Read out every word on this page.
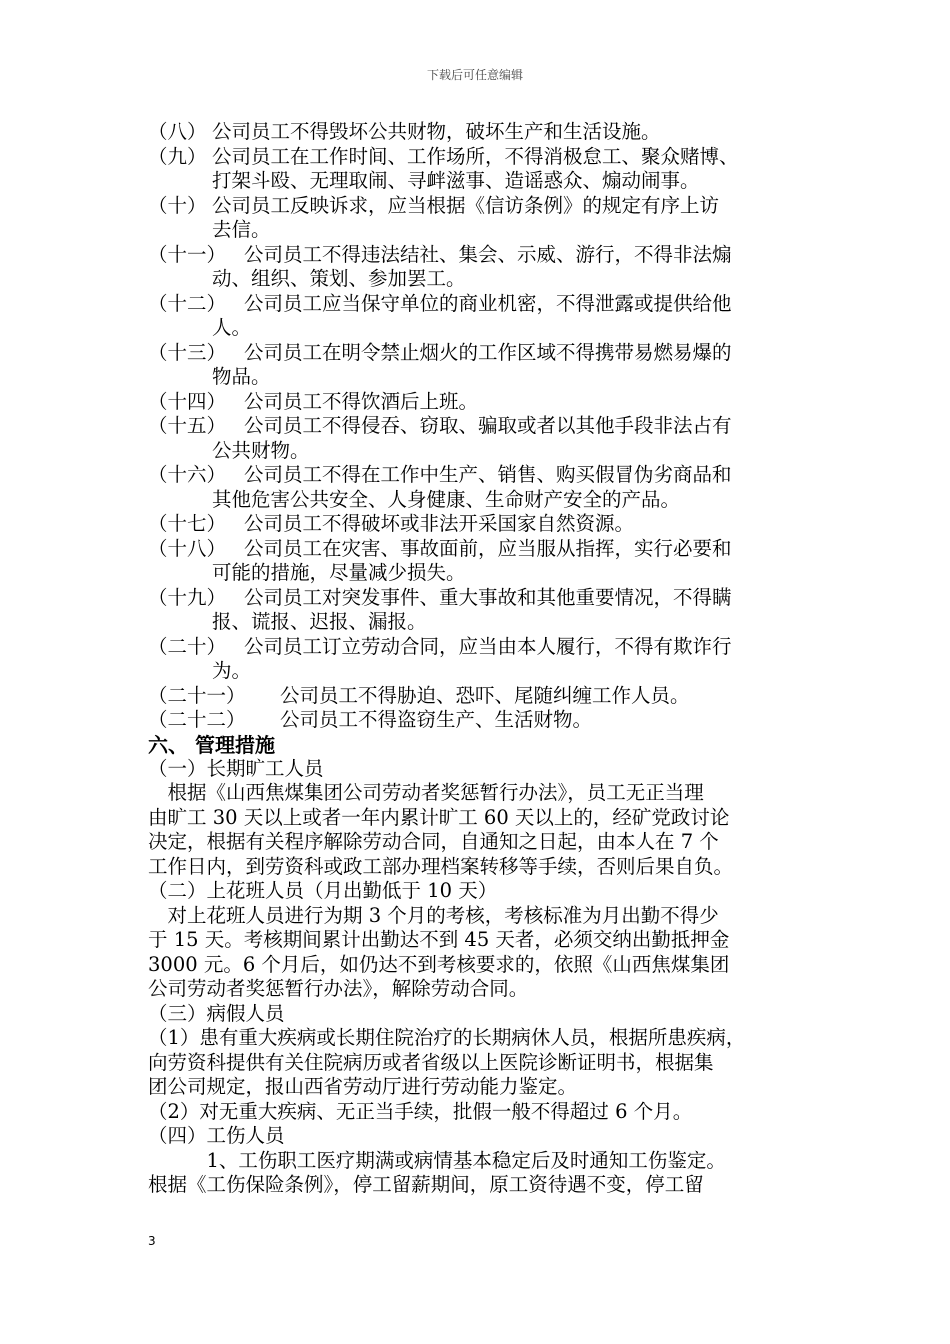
下载后可任意编辑
（八） 公司员工不得毁坏公共财物，破坏生产和生活设施。
（九） 公司员工在工作时间、工作场所，不得消极怠工、聚众赌博、
打架斗殴、无理取闹、寻衅滋事、造谣惑众、煽动闹事。
（十） 公司员工反映诉求，应当根据《信访条例》的规定有序上访
去信。
（十一） 公司员工不得违法结社、集会、示威、游行，不得非法煽
动、组织、策划、参加罢工。
（十二） 公司员工应当保守单位的商业机密，不得泄露或提供给他
人。
（十三） 公司员工在明令禁止烟火的工作区域不得携带易燃易爆的
物品。
（十四） 公司员工不得饮酒后上班。
（十五） 公司员工不得侵吞、窃取、骗取或者以其他手段非法占有
公共财物。
（十六） 公司员工不得在工作中生产、销售、购买假冒伪劣商品和
其他危害公共安全、人身健康、生命财产安全的产品。
（十七） 公司员工不得破坏或非法开采国家自然资源。
（十八） 公司员工在灾害、事故面前，应当服从指挥，实行必要和
可能的措施，尽量减少损失。
（十九） 公司员工对突发事件、重大事故和其他重要情况，不得瞒
报、谎报、迟报、漏报。
（二十） 公司员工订立劳动合同，应当由本人履行，不得有欺诈行
为。
（二十一）	公司员工不得胁迫、恐吓、尾随纠缠工作人员。
（二十二）	公司员工不得盗窃生产、生活财物。
六、 管理措施
（一）长期旷工人员
　根据《山西焦煤集团公司劳动者奖惩暂行办法》，员工无正当理
由旷工 30 天以上或者一年内累计旷工 60 天以上的，经矿党政讨论
决定，根据有关程序解除劳动合同，自通知之日起，由本人在 7 个
工作日内，到劳资科或政工部办理档案转移等手续，否则后果自负。
（二）上花班人员（月出勤低于 10 天）
　对上花班人员进行为期 3 个月的考核，考核标准为月出勤不得少
于 15 天。考核期间累计出勤达不到 45 天者，必须交纳出勤抵押金
3000 元。6 个月后，如仍达不到考核要求的，依照《山西焦煤集团
公司劳动者奖惩暂行办法》，解除劳动合同。
（三）病假人员
（1）患有重大疾病或长期住院治疗的长期病休人员，根据所患疾病，
向劳资科提供有关住院病历或者省级以上医院诊断证明书，根据集
团公司规定，报山西省劳动厅进行劳动能力鉴定。
（2）对无重大疾病、无正当手续，批假一般不得超过 6 个月。
（四）工伤人员
　　　1、工伤职工医疗期满或病情基本稳定后及时通知工伤鉴定。
根据《工伤保险条例》，停工留薪期间，原工资待遇不变，停工留
3
